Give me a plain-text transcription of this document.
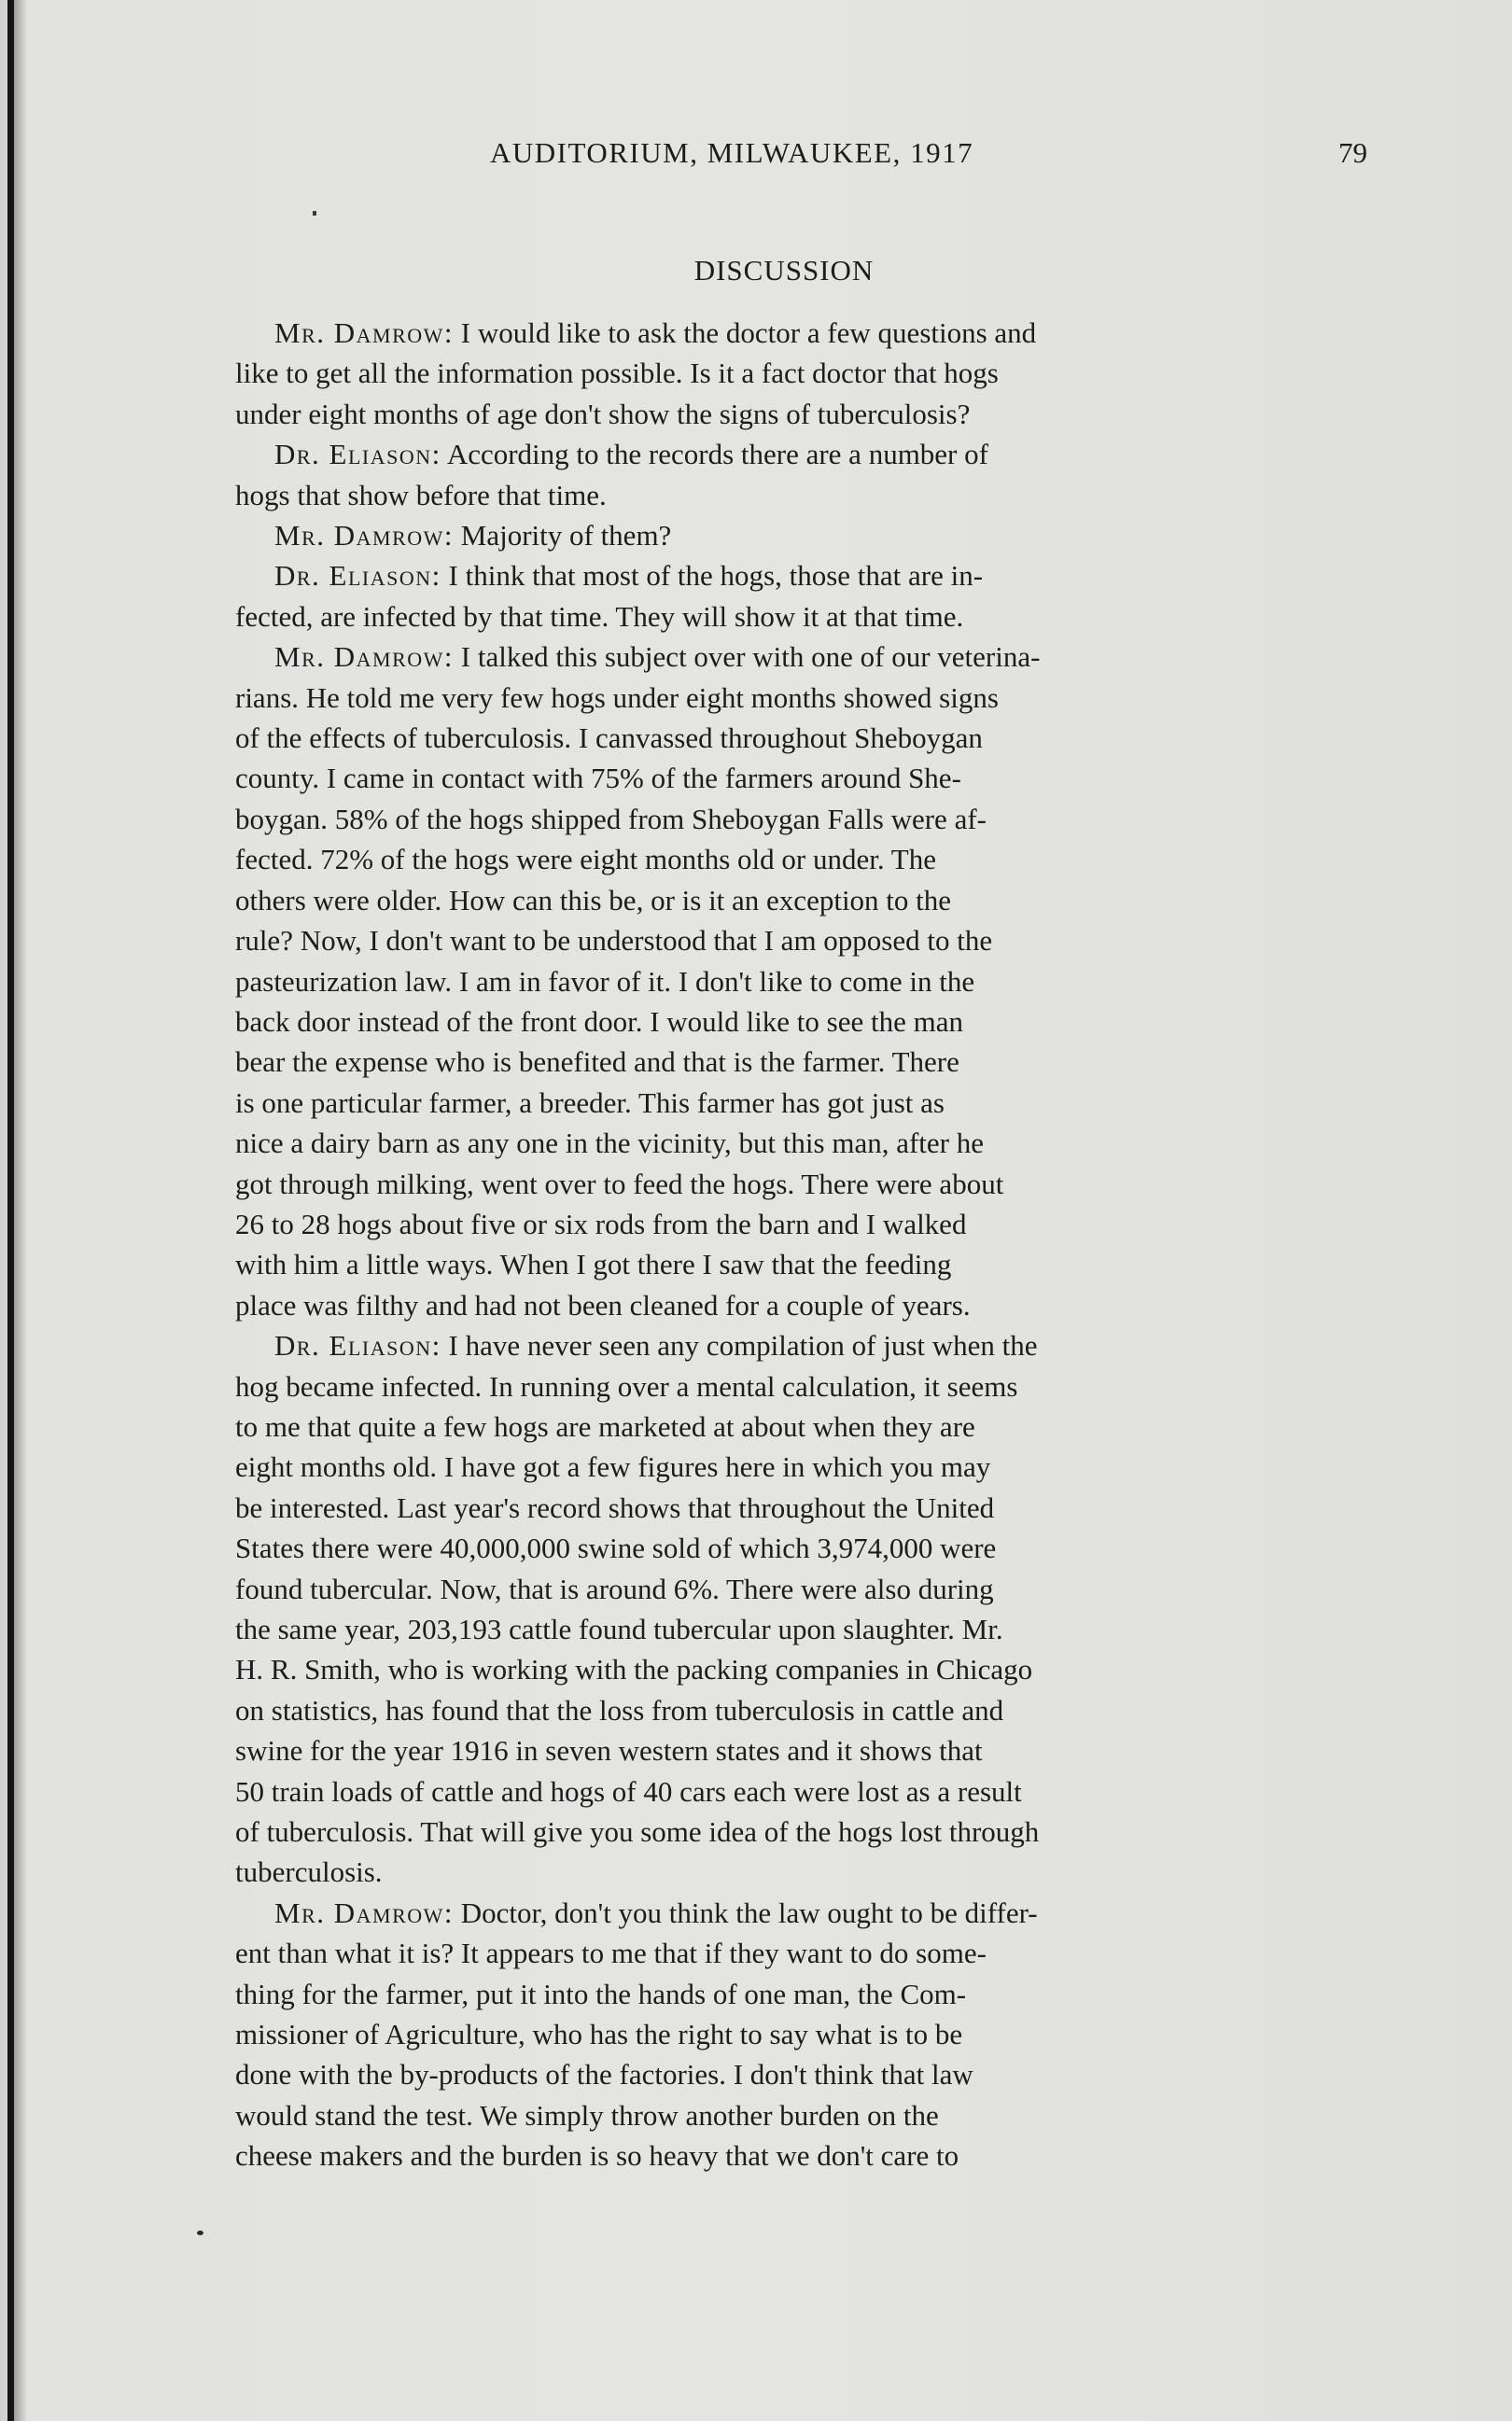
AUDITORIUM, MILWAUKEE, 1917	79
DISCUSSION

Mr. Damrow: I would like to ask the doctor a few questions and
like to get all the information possible. Is it a fact doctor that hogs
under eight months of age don't show the signs of tuberculosis?

Dr. Eliason: According to the records there are a number of
hogs that show before that time.

Mr. Damrow: Majority of them?

Dr. Eliason: I think that most of the hogs, those that are in-
fected, are infected by that time. They will show it at that time.

Mr. Damrow: I talked this subject over with one of our veterina-
rians. He told me very few hogs under eight months showed signs
of the effects of tuberculosis. I canvassed throughout Sheboygan
county. I came in contact with 75% of the farmers around She-
boygan. 58% of the hogs shipped from Sheboygan Falls were af-
fected. 72% of the hogs were eight months old or under. The
others were older. How can this be, or is it an exception to the
rule? Now, I don't want to be understood that I am opposed to the
pasteurization law. I am in favor of it. I don't like to come in the
back door instead of the front door. I would like to see the man
bear the expense who is benefited and that is the farmer. There
is one particular farmer, a breeder. This farmer has got just as
nice a dairy barn as any one in the vicinity, but this man, after he
got through milking, went over to feed the hogs. There were about
26 to 28 hogs about five or six rods from the barn and I walked
with him a little ways. When I got there I saw that the feeding
place was filthy and had not been cleaned for a couple of years.

Dr. Eliason: I have never seen any compilation of just when the
hog became infected. In running over a mental calculation, it seems
to me that quite a few hogs are marketed at about when they are
eight months old. I have got a few figures here in which you may
be interested. Last year's record shows that throughout the United
States there were 40,000,000 swine sold of which 3,974,000 were
found tubercular. Now, that is around 6%. There were also during
the same year, 203,193 cattle found tubercular upon slaughter. Mr.
H. R. Smith, who is working with the packing companies in Chicago
on statistics, has found that the loss from tuberculosis in cattle and
swine for the year 1916 in seven western states and it shows that
50 train loads of cattle and hogs of 40 cars each were lost as a result
of tuberculosis. That will give you some idea of the hogs lost through
tuberculosis.

Mr. Damrow: Doctor, don't you think the law ought to be differ-
ent than what it is? It appears to me that if they want to do some-
thing for the farmer, put it into the hands of one man, the Com-
missioner of Agriculture, who has the right to say what is to be
done with the by-products of the factories. I don't think that law
would stand the test. We simply throw another burden on the
cheese makers and the burden is so heavy that we don't care to
